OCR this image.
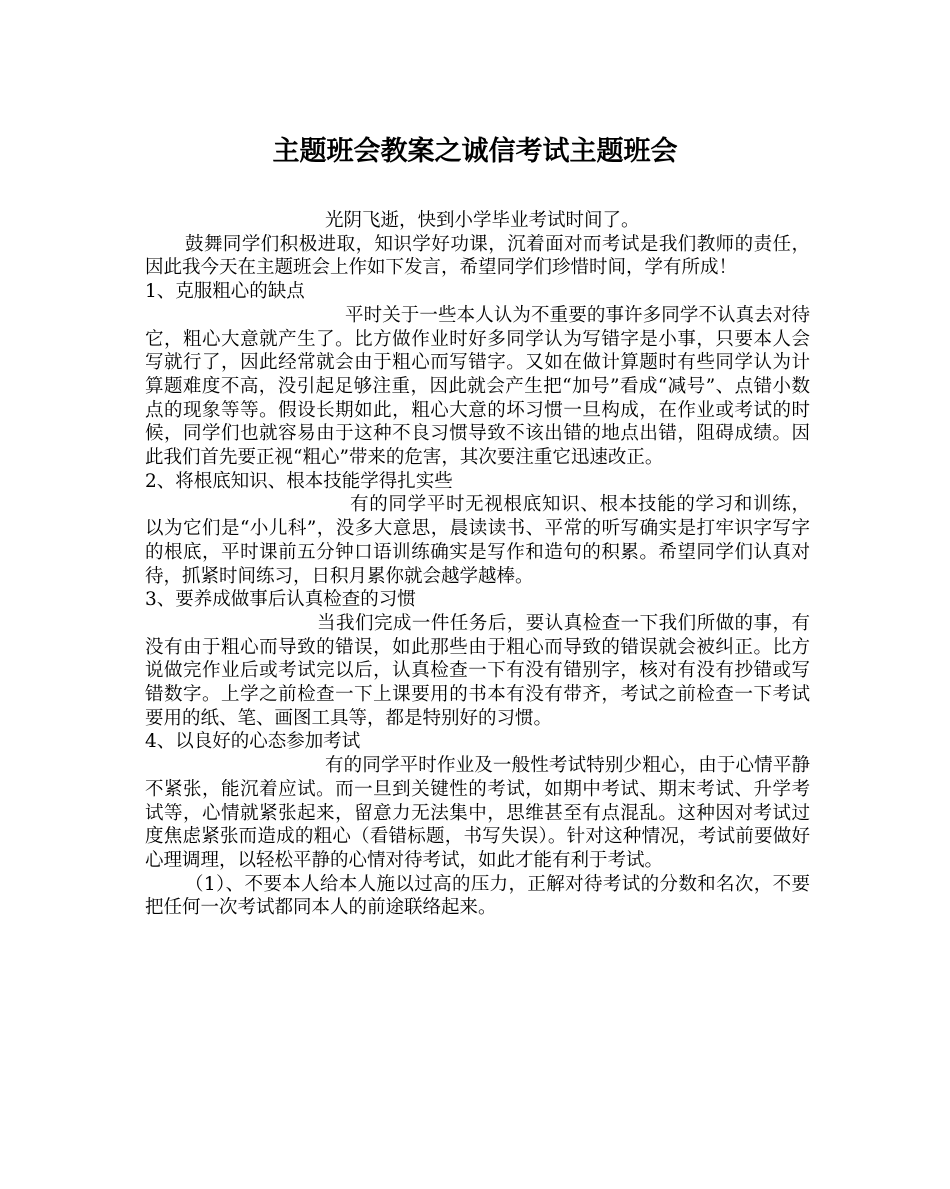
主题班会教案之诚信考试主题班会

光阴飞逝，快到小学毕业考试时间了。

鼓舞同学们积极进取，知识学好功课，沉着面对而考试是我们教师的责任，因此我今天在主题班会上作如下发言，希望同学们珍惜时间，学有所成！

1、克服粗心的缺点

平时关于一些本人认为不重要的事许多同学不认真去对待它，粗心大意就产生了。比方做作业时好多同学认为写错字是小事，只要本人会写就行了，因此经常就会由于粗心而写错字。又如在做计算题时有些同学认为计算题难度不高，没引起足够注重，因此就会产生把“加号”看成“减号”、点错小数点的现象等等。假设长期如此，粗心大意的坏习惯一旦构成，在作业或考试的时候，同学们也就容易由于这种不良习惯导致不该出错的地点出错，阻碍成绩。因此我们首先要正视“粗心”带来的危害，其次要注重它迅速改正。

2、将根底知识、根本技能学得扎实些

有的同学平时无视根底知识、根本技能的学习和训练，以为它们是“小儿科”，没多大意思，晨读读书、平常的听写确实是打牢识字写字的根底，平时课前五分钟口语训练确实是写作和造句的积累。希望同学们认真对待，抓紧时间练习，日积月累你就会越学越棒。

3、要养成做事后认真检查的习惯

当我们完成一件任务后，要认真检查一下我们所做的事，有没有由于粗心而导致的错误，如此那些由于粗心而导致的错误就会被纠正。比方说做完作业后或考试完以后，认真检查一下有没有错别字，核对有没有抄错或写错数字。上学之前检查一下上课要用的书本有没有带齐，考试之前检查一下考试要用的纸、笔、画图工具等，都是特别好的习惯。

4、以良好的心态参加考试

有的同学平时作业及一般性考试特别少粗心，由于心情平静不紧张，能沉着应试。而一旦到关键性的考试，如期中考试、期末考试、升学考试等，心情就紧张起来，留意力无法集中，思维甚至有点混乱。这种因对考试过度焦虑紧张而造成的粗心（看错标题，书写失误）。针对这种情况，考试前要做好心理调理，以轻松平静的心情对待考试，如此才能有利于考试。

（1）、不要本人给本人施以过高的压力，正解对待考试的分数和名次，不要把任何一次考试都同本人的前途联络起来。
